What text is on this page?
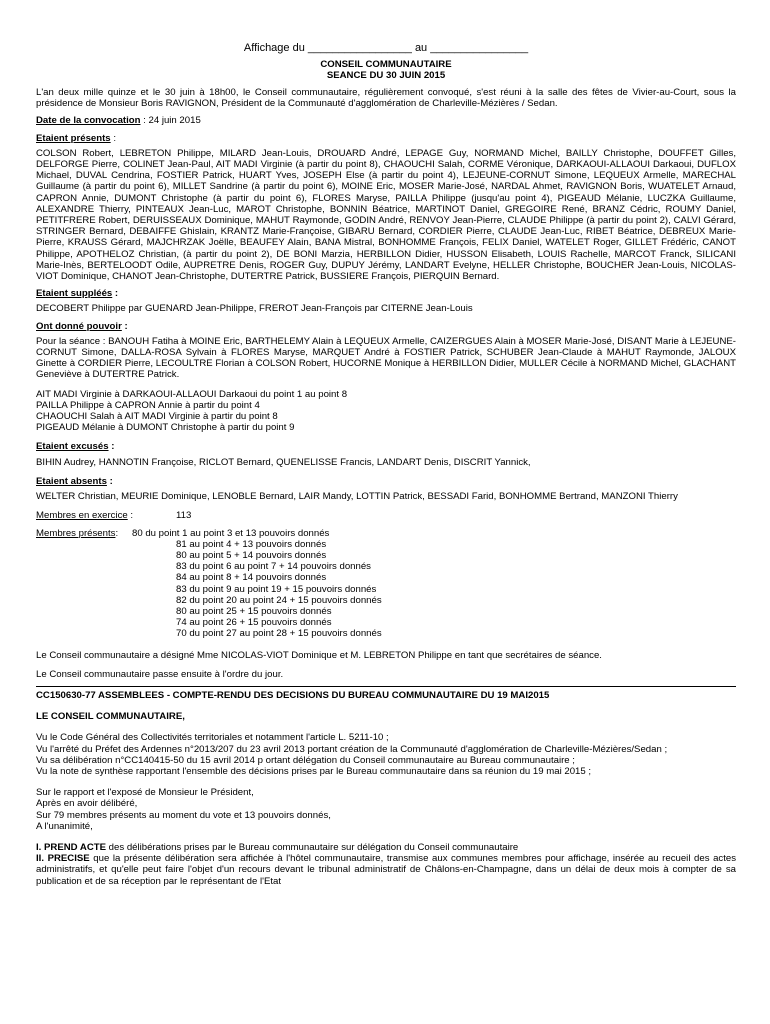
Affichage du _________________ au ________________

CONSEIL COMMUNAUTAIRE

SEANCE DU 30 JUIN 2015

L'an deux mille quinze et le 30 juin à 18h00, le Conseil communautaire, régulièrement convoqué, s'est réuni à la salle des fêtes de Vivier-au-Court, sous la présidence de Monsieur Boris RAVIGNON, Président de la Communauté d'agglomération de Charleville-Mézières / Sedan.

Date de la convocation : 24 juin 2015

Etaient présents :

COLSON Robert, LEBRETON Philippe, MILARD Jean-Louis, DROUARD André, LEPAGE Guy, NORMAND Michel, BAILLY Christophe, DOUFFET Gilles, DELFORGE Pierre, COLINET Jean-Paul, AIT MADI Virginie (à partir du point 8), CHAOUCHI Salah, CORME Véronique, DARKAOUI-ALLAOUI Darkaoui, DUFLOX Michael, DUVAL Cendrina, FOSTIER Patrick, HUART Yves, JOSEPH Else (à partir du point 4), LEJEUNE-CORNUT Simone, LEQUEUX Armelle, MARECHAL Guillaume (à partir du point 6), MILLET Sandrine (à partir du point 6), MOINE Eric, MOSER Marie-José, NARDAL Ahmet, RAVIGNON Boris, WUATELET Arnaud, CAPRON Annie, DUMONT Christophe (à partir du point 6), FLORES Maryse, PAILLA Philippe (jusqu'au point 4), PIGEAUD Mélanie, LUCZKA Guillaume, ALEXANDRE Thierry, PINTEAUX Jean-Luc, MAROT Christophe, BONNIN Béatrice, MARTINOT Daniel, GREGOIRE René, BRANZ Cédric, ROUMY Daniel, PETITFRERE Robert, DERUISSEAUX Dominique, MAHUT Raymonde, GODIN André, RENVOY Jean-Pierre, CLAUDE Philippe (à partir du point 2), CALVI Gérard, STRINGER Bernard, DEBAIFFE Ghislain, KRANTZ Marie-Françoise, GIBARU Bernard, CORDIER Pierre, CLAUDE Jean-Luc, RIBET Béatrice, DEBREUX Marie-Pierre, KRAUSS Gérard, MAJCHRZAK Joëlle, BEAUFEY Alain, BANA Mistral, BONHOMME François, FELIX Daniel, WATELET Roger, GILLET Frédéric, CANOT Philippe, APOTHELOZ Christian, (à partir du point 2), DE BONI Marzia, HERBILLON Didier, HUSSON Elisabeth, LOUIS Rachelle, MARCOT Franck, SILICANI Marie-Inès, BERTELOODT Odile, AUPRETRE Denis, ROGER Guy, DUPUY Jérémy, LANDART Evelyne, HELLER Christophe, BOUCHER Jean-Louis, NICOLAS-VIOT Dominique, CHANOT Jean-Christophe, DUTERTRE Patrick, BUSSIERE François, PIERQUIN Bernard.

Etaient suppléés :

DECOBERT Philippe par GUENARD Jean-Philippe, FREROT Jean-François par CITERNE Jean-Louis

Ont donné pouvoir :

Pour la séance : BANOUH Fatiha à MOINE Eric, BARTHELEMY Alain à LEQUEUX Armelle, CAIZERGUES Alain à MOSER Marie-José, DISANT Marie à LEJEUNE-CORNUT Simone, DALLA-ROSA Sylvain à FLORES Maryse, MARQUET André à FOSTIER Patrick, SCHUBER Jean-Claude à MAHUT Raymonde, JALOUX Ginette à CORDIER Pierre, LECOULTRE Florian à COLSON Robert, HUCORNE Monique à HERBILLON Didier, MULLER Cécile à NORMAND Michel, GLACHANT Geneviève à DUTERTRE Patrick.

AIT MADI Virginie à DARKAOUI-ALLAOUI Darkaoui du point 1 au point 8

PAILLA Philippe à CAPRON Annie à partir du point 4

CHAOUCHI Salah à AIT MADI Virginie à partir du point 8

PIGEAUD Mélanie à DUMONT Christophe à partir du point 9

Etaient excusés :

BIHIN Audrey, HANNOTIN Françoise, RICLOT Bernard, QUENELISSE Francis, LANDART Denis, DISCRIT Yannick,

Etaient absents :

WELTER Christian, MEURIE Dominique, LENOBLE Bernard, LAIR Mandy, LOTTIN Patrick, BESSADI Farid, BONHOMME Bertrand, MANZONI Thierry

Membres en exercice :	113
Membres présents:	80 du point 1 au point 3 et 13 pouvoirs donnés

81 au point 4 + 13 pouvoirs donnés

80 au point 5 + 14 pouvoirs donnés

83 du point 6 au point 7 + 14 pouvoirs donnés

84 au point 8 + 14 pouvoirs donnés

83 du point 9 au point 19 + 15 pouvoirs donnés

82 du point 20 au point 24 + 15 pouvoirs donnés

80 au point 25 + 15 pouvoirs donnés

74 au point 26 + 15 pouvoirs donnés

70 du point 27 au point 28 + 15 pouvoirs donnés

Le Conseil communautaire a désigné Mme NICOLAS-VIOT Dominique et M. LEBRETON Philippe en tant que secrétaires de séance.

Le Conseil communautaire passe ensuite à l'ordre du jour.

CC150630-77 ASSEMBLEES - COMPTE-RENDU DES DECISIONS DU BUREAU COMMUNAUTAIRE DU 19 MAI2015

LE CONSEIL COMMUNAUTAIRE,

Vu le Code Général des Collectivités territoriales et notamment l'article L. 5211-10 ;

Vu l'arrêté du Préfet des Ardennes n°2013/207 du 23 avril 2013 portant création de la Communauté d'agglomération de Charleville-Mézières/Sedan ;

Vu sa délibération n°CC140415-50 du 15 avril 2014 p ortant délégation du Conseil communautaire au Bureau communautaire ;

Vu la note de synthèse rapportant l'ensemble des décisions prises par le Bureau communautaire dans sa réunion du 19 mai 2015 ;

Sur le rapport et l'exposé de Monsieur le Président,

Après en avoir délibéré,

Sur 79 membres présents au moment du vote et 13 pouvoirs donnés,

A l'unanimité,

I. PREND ACTE des délibérations prises par le Bureau communautaire sur délégation du Conseil communautaire

II. PRECISE que la présente délibération sera affichée à l'hôtel communautaire, transmise aux communes membres pour affichage, insérée au recueil des actes administratifs, et qu'elle peut faire l'objet d'un recours devant le tribunal administratif de Châlons-en-Champagne, dans un délai de deux mois à compter de sa publication et de sa réception par le représentant de l'Etat
